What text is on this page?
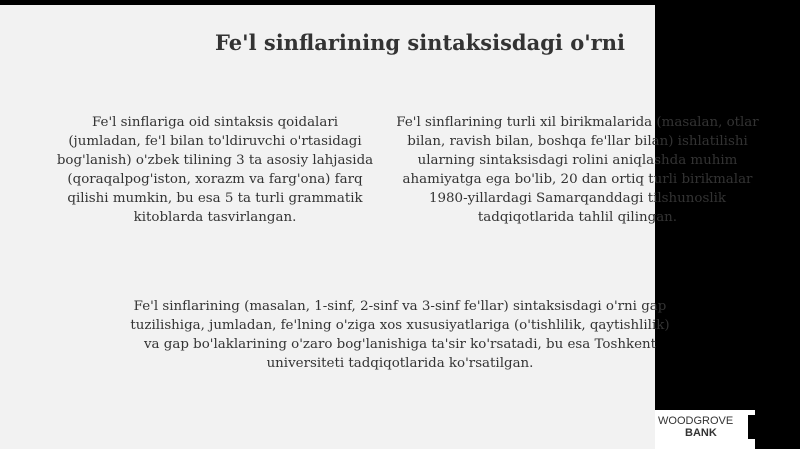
Fe'l sinflarining sintaksisdagi o'rni

Fe'l sinflariga oid sintaksis qoidalari (jumladan, fe'l bilan to'ldiruvchi o'rtasidagi bog'lanish) o'zbek tilining 3 ta asosiy lahjasida (qoraqalpog'iston, xorazm va farg'ona) farq qilishi mumkin, bu esa 5 ta turli grammatik kitoblarda tasvirlangan.

Fe'l sinflarining turli xil birikmalarida (masalan, otlar bilan, ravish bilan, boshqa fe'llar bilan) ishlatilishi ularning sintaksisdagi rolini aniqlashda muhim ahamiyatga ega bo'lib, 20 dan ortiq turli birikmalar 1980-yillardagi Samarqanddagi tilshunoslik tadqiqotlarida tahlil qilingan.

Fe'l sinflarining (masalan, 1-sinf, 2-sinf va 3-sinf fe'llar) sintaksisdagi o'rni gap tuzilishiga, jumladan, fe'lning o'ziga xos xususiyatlariga (o'tishlilik, qaytishlilik) va gap bo'laklarining o'zaro bog'lanishiga ta'sir ko'rsatadi, bu esa Toshkent universiteti tadqiqotlarida ko'rsatilgan.

WOODGROVE
BANK
